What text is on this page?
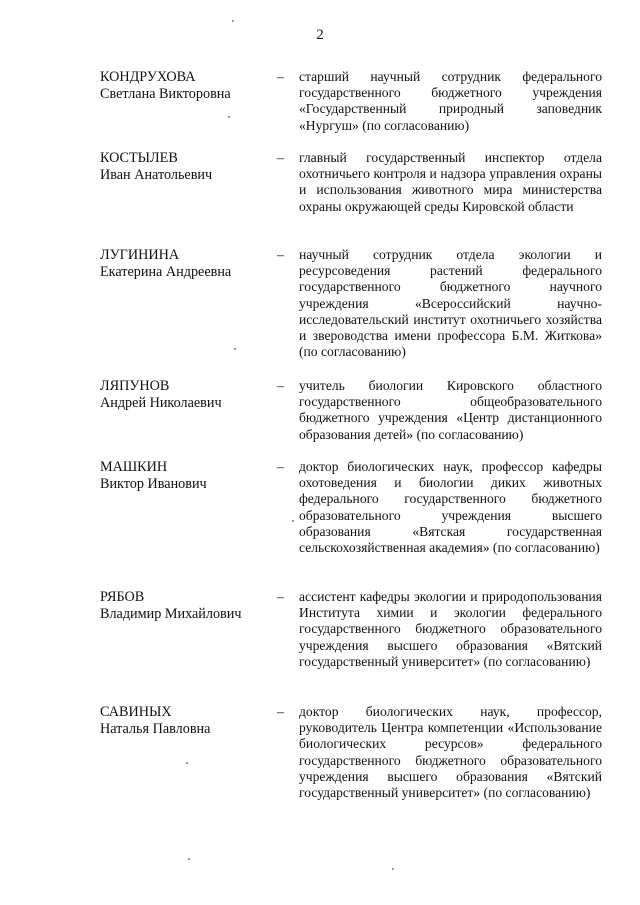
2
КОНДРУХОВА
Светлана Викторовна
– старший научный сотрудник федерального государственного бюджетного учреждения «Государственный природный заповедник «Нургуш» (по согласованию)
КОСТЫЛЕВ
Иван Анатольевич
– главный государственный инспектор отдела охотничьего контроля и надзора управления охраны и использования животного мира министерства охраны окружающей среды Кировской области
ЛУГИНИНА
Екатерина Андреевна
– научный сотрудник отдела экологии и ресурсоведения растений федерального государственного бюджетного научного учреждения «Всероссийский научно-исследовательский институт охотничьего хозяйства и звероводства имени профессора Б.М. Житкова» (по согласованию)
ЛЯПУНОВ
Андрей Николаевич
– учитель биологии Кировского областного государственного общеобразовательного бюджетного учреждения «Центр дистанционного образования детей» (по согласованию)
МАШКИН
Виктор Иванович
– доктор биологических наук, профессор кафедры охотоведения и биологии диких животных федерального государственного бюджетного образовательного учреждения высшего образования «Вятская государственная сельскохозяйственная академия» (по согласованию)
РЯБОВ
Владимир Михайлович
– ассистент кафедры экологии и природопользования Института химии и экологии федерального государственного бюджетного образовательного учреждения высшего образования «Вятский государственный университет» (по согласованию)
САВИНЫХ
Наталья Павловна
– доктор биологических наук, профессор, руководитель Центра компетенции «Использование биологических ресурсов» федерального государственного бюджетного образовательного учреждения высшего образования «Вятский государственный университет» (по согласованию)
